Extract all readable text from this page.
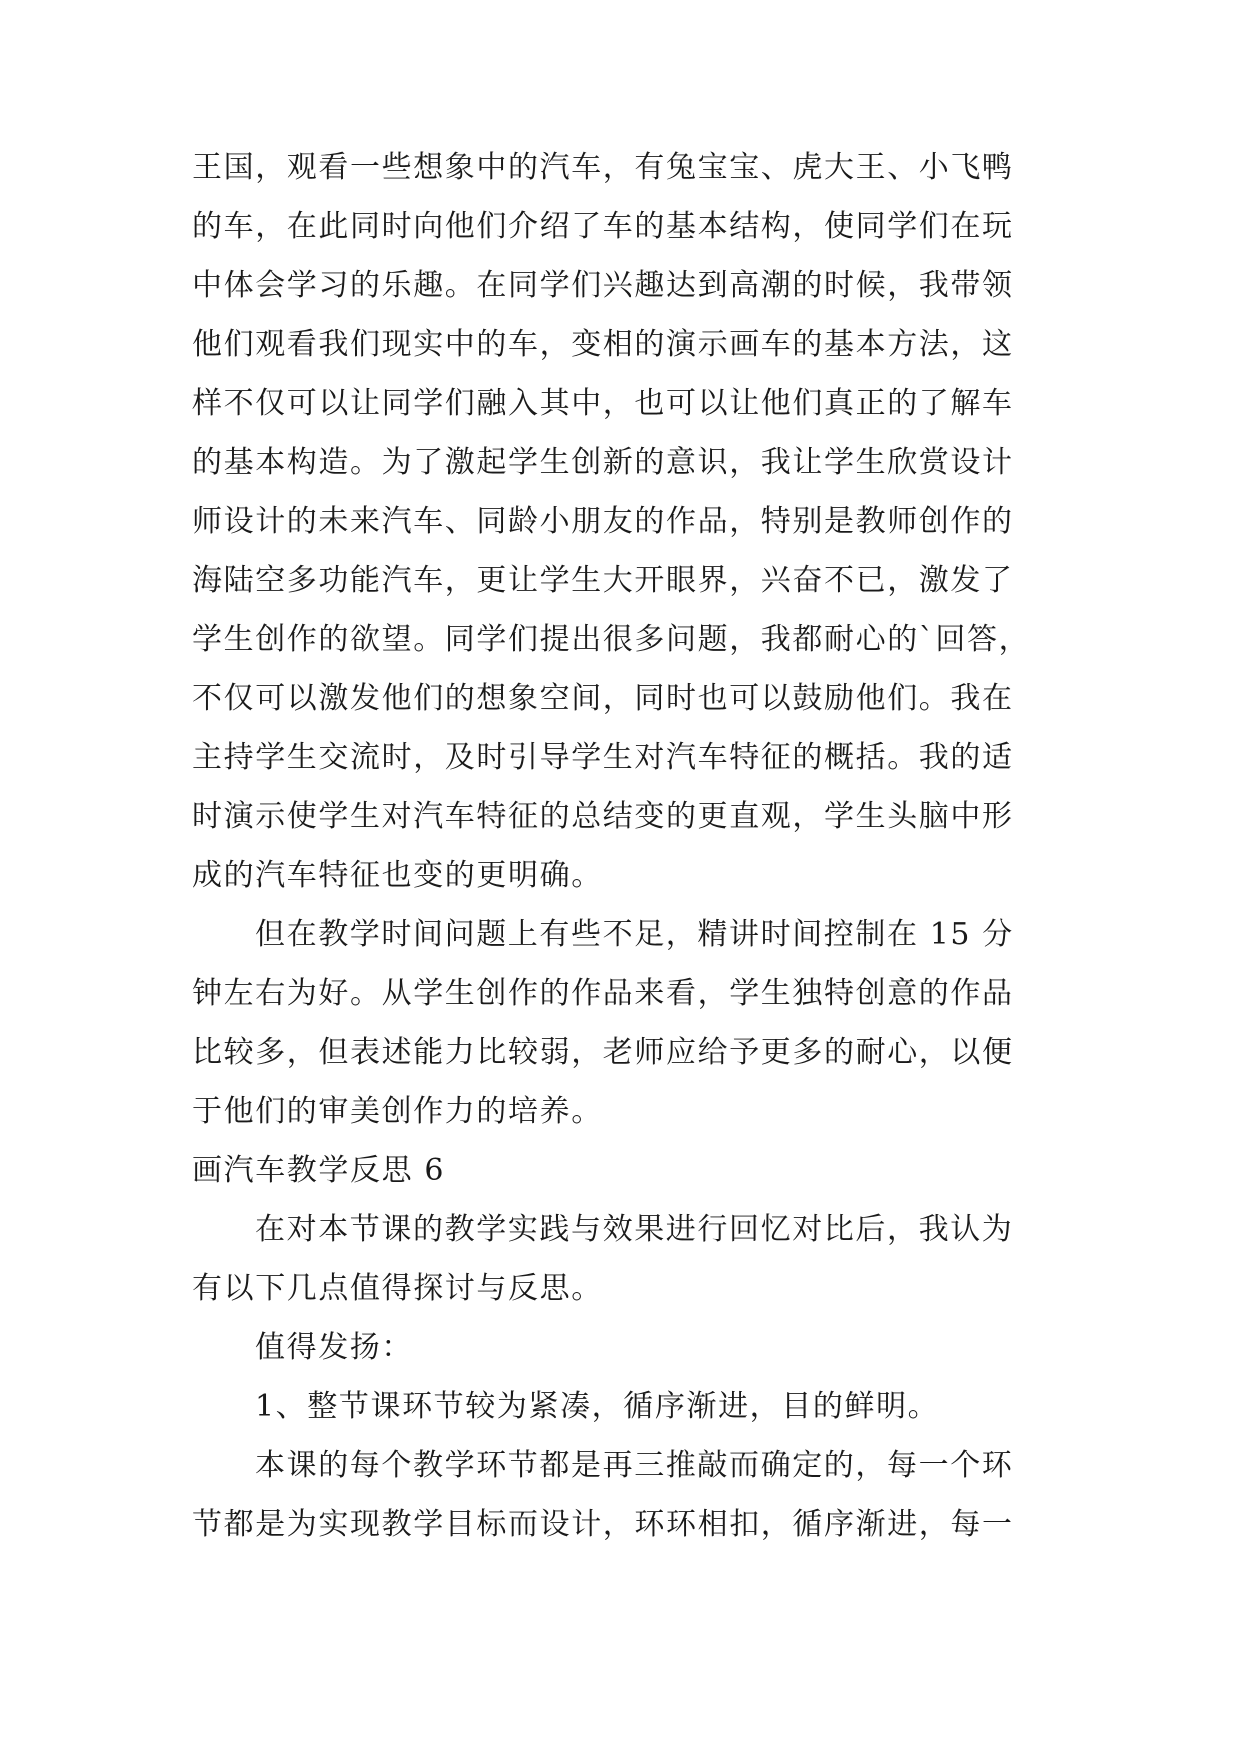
王国，观看一些想象中的汽车，有兔宝宝、虎大王、小飞鸭
的车，在此同时向他们介绍了车的基本结构，使同学们在玩
中体会学习的乐趣。在同学们兴趣达到高潮的时候，我带领
他们观看我们现实中的车，变相的演示画车的基本方法，这
样不仅可以让同学们融入其中，也可以让他们真正的了解车
的基本构造。为了激起学生创新的意识，我让学生欣赏设计
师设计的未来汽车、同龄小朋友的作品，特别是教师创作的
海陆空多功能汽车，更让学生大开眼界，兴奋不已，激发了
学生创作的欲望。同学们提出很多问题，我都耐心的`回答，
不仅可以激发他们的想象空间，同时也可以鼓励他们。我在
主持学生交流时，及时引导学生对汽车特征的概括。我的适
时演示使学生对汽车特征的总结变的更直观，学生头脑中形
成的汽车特征也变的更明确。
但在教学时间问题上有些不足，精讲时间控制在 15 分
钟左右为好。从学生创作的作品来看，学生独特创意的作品
比较多，但表述能力比较弱，老师应给予更多的耐心，以便
于他们的审美创作力的培养。
画汽车教学反思 6
在对本节课的教学实践与效果进行回忆对比后，我认为
有以下几点值得探讨与反思。
值得发扬：
1、整节课环节较为紧凑，循序渐进，目的鲜明。
本课的每个教学环节都是再三推敲而确定的，每一个环
节都是为实现教学目标而设计，环环相扣，循序渐进，每一
